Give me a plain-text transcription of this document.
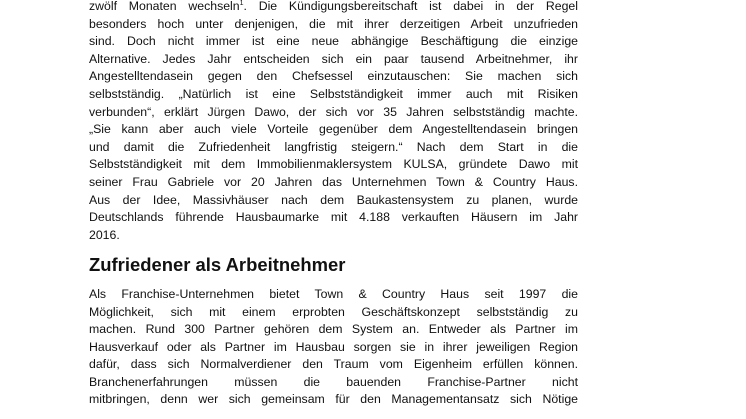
zwölf Monaten wechseln$^1$. Die Kündigungsbereitschaft ist dabei in der Regel
besonders hoch unter denjenigen, die mit ihrer derzeitigen Arbeit unzufrieden
sind. Doch nicht immer ist eine neue abhängige Beschäftigung die einzige
Alternative. Jedes Jahr entscheiden sich ein paar tausend Arbeitnehmer, ihr
Angestelltendasein gegen den Chefsessel einzutauschen: Sie machen sich
selbstständig. „Natürlich ist eine Selbstständigkeit immer auch mit Risiken
verbunden“, erklärt Jürgen Dawo, der sich vor 35 Jahren selbstständig machte.
„Sie kann aber auch viele Vorteile gegenüber dem Angestelltendasein bringen
und damit die Zufriedenheit langfristig steigern.“ Nach dem Start in die
Selbstständigkeit mit dem Immobilienmaklersystem KULSA, gründete Dawo mit
seiner Frau Gabriele vor 20 Jahren das Unternehmen Town & Country Haus.
Aus der Idee, Massivhäuser nach dem Baukastensystem zu planen, wurde
Deutschlands führende Hausbaumarke mit 4.188 verkauften Häusern im Jahr
2016.
Zufriedener als Arbeitnehmer
Als Franchise-Unternehmen bietet Town & Country Haus seit 1997 die
Möglichkeit, sich mit einem erprobten Geschäftskonzept selbstständig zu
machen. Rund 300 Partner gehören dem System an. Entweder als Partner im
Hausverkauf oder als Partner im Hausbau sorgen sie in ihrer jeweiligen Region
dafür, dass sich Normalverdiener den Traum vom Eigenheim erfüllen können.
Branchenerfahrungen müssen die bauenden Franchise-Partner nicht
mitbringen, denn wer sich gemeinsam für den Managementansatz sich Nötige
